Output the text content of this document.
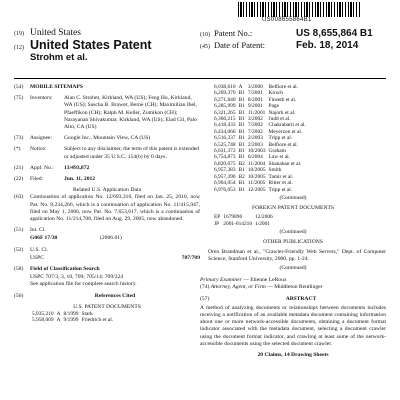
US008655864B1
(19) United States
(12) United States Patent
Strohm et al.
(10) Patent No.:	US 8,655,864 B1
(45) Date of Patent:	Feb. 18, 2014
(54)	MOBILE SITEMAPS
(75)	Inventors:	Alan C. Strohm, Kirkland, WA (US); Feng Hu, Kirkland, WA (US); Sascha B. Brawer, Berne (CH); Maximilian Ibel, Pfaeffikon (CH); Ralph M. Keller, Zumikon (CH); Narayanan Shivakumar, Kirkland, WA (US); Elad Gil, Palo Alto, CA (US)
(73)	Assignee:	Google Inc., Mountain View, CA (US)
(*)	Notice:	Subject to any disclaimer, the term of this patent is extended or adjusted under 35 U.S.C. 154(b) by 0 days.
(21)	Appl. No.:	13/493,872
(22)	Filed:	Jun. 11, 2012
Related U.S. Application Data
(63)	Continuation of application No. 12/693,310, filed on Jan. 25, 2010, now Pat. No. 8,234,266, which is a continuation of application No. 11/415,947, filed on May 1, 2006, now Pat. No. 7,653,617, which is a continuation of application No. 11/214,708, filed on Aug. 29, 2005, now abandoned.
(51)	Int. Cl.
G06F 17/30	(2006.01)
(52)	U.S. Cl.
USPC	707/709
(58)	Field of Classification Search
USPC 707/3, 3, 10, 709; 705/14; 709/224
See application file for complete search history.
(56)	References Cited
U.S. PATENT DOCUMENTS
5,935,210	A	8/1999	Stark
5,958,009	A	9/1999	Friedrich et al.
6,038,610	A	3/2000	Belfiore et al.
6,269,370	B1	7/2001	Kirsch
6,271,840	B1	8/2001	Finseth et al.
6,285,999	B1	9/2001	Page
6,321,265	B1	11/2001	Najork et al.
6,366,215	B1	3/2002	Judd et al.
6,418,433	B1	7/2002	Chakrabarti et al.
6,434,066	B1	7/2002	Meyerzon et al.
6,516,337	B1	2/2003	Tripp et al.
6,525,748	B1	2/2003	Belfiore et al.
6,631,372	B1	10/2003	Graham
6,754,873	B1	6/2004	Law et al.
6,820,075	B2	11/2004	Shanahan et al.
6,957,383	B1	10/2005	Smith
6,957,390	B2	10/2005	Tamir et al.
6,964,054	B1	11/2005	Ritter et al.
6,976,053	B1	12/2005	Tripp et al.
(Continued)
FOREIGN PATENT DOCUMENTS
EP	1679896	12/2006
JP	2001-014210	1/2001
(Continued)
OTHER PUBLICATIONS
Oren Brandman et al., "Crawler-Friendly Web Servers," Dept. of Computer Science, Stanford University, 2000, pp. 1-24.
(Continued)
Primary Examiner — Etienne LeRoux
(74) Attorney, Agent, or Firm — Middleton Reutlinger
(57)	ABSTRACT
A method of analyzing documents or relationships between documents includes receiving a notification of an available metadata document containing information about one or more network-accessible documents, obtaining a document format indicator associated with the metadata document, selecting a document crawler using the document format indicator, and crawling at least some of the network-accessible documents using the selected document crawler.
20 Claims, 14 Drawing Sheets
